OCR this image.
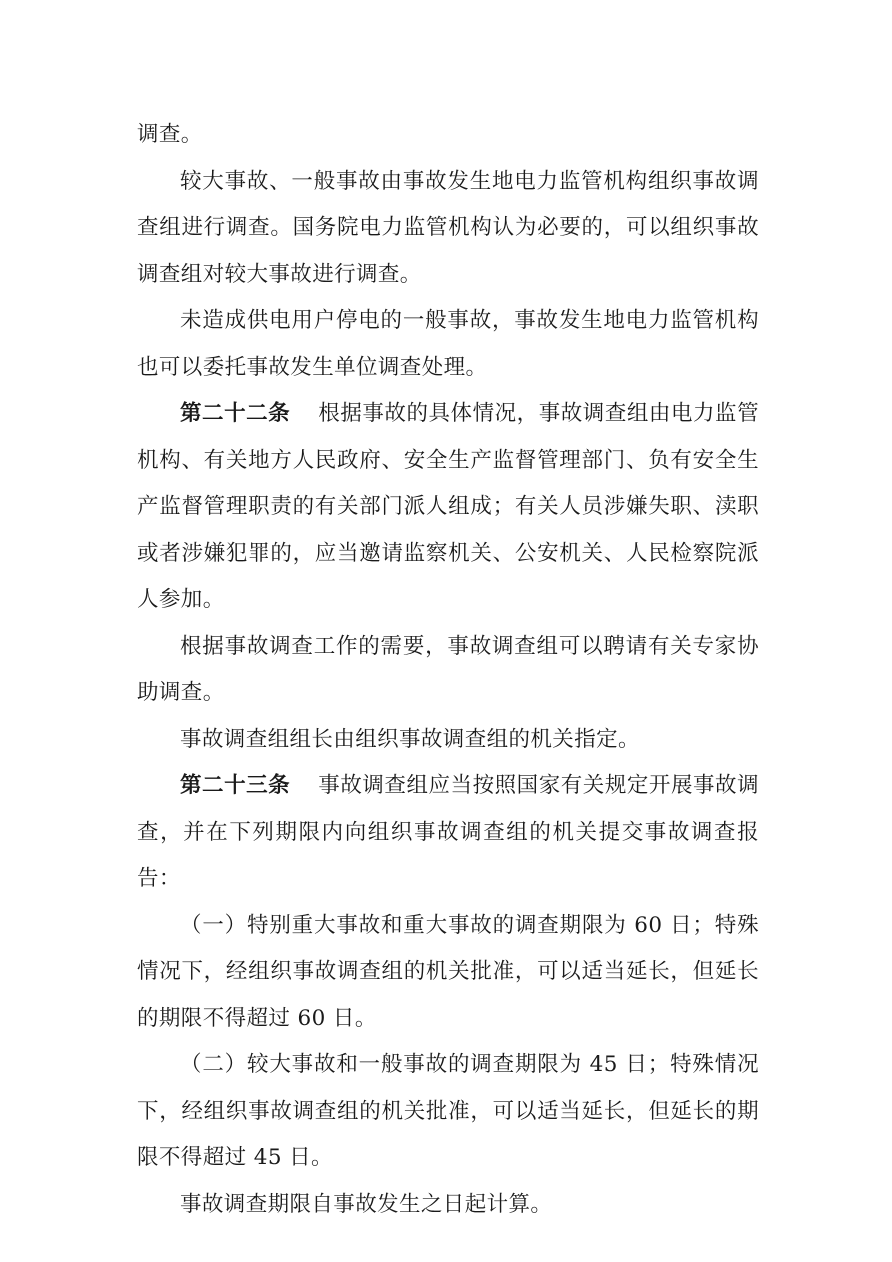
调查。

较大事故、一般事故由事故发生地电力监管机构组织事故调查组进行调查。国务院电力监管机构认为必要的，可以组织事故调查组对较大事故进行调查。

未造成供电用户停电的一般事故，事故发生地电力监管机构也可以委托事故发生单位调查处理。

第二十二条 根据事故的具体情况，事故调查组由电力监管机构、有关地方人民政府、安全生产监督管理部门、负有安全生产监督管理职责的有关部门派人组成；有关人员涉嫌失职、渎职或者涉嫌犯罪的，应当邀请监察机关、公安机关、人民检察院派人参加。

根据事故调查工作的需要，事故调查组可以聘请有关专家协助调查。

事故调查组组长由组织事故调查组的机关指定。

第二十三条 事故调查组应当按照国家有关规定开展事故调查，并在下列期限内向组织事故调查组的机关提交事故调查报告：

（一）特别重大事故和重大事故的调查期限为 60 日；特殊情况下，经组织事故调查组的机关批准，可以适当延长，但延长的期限不得超过 60 日。

（二）较大事故和一般事故的调查期限为 45 日；特殊情况下，经组织事故调查组的机关批准，可以适当延长，但延长的期限不得超过 45 日。

事故调查期限自事故发生之日起计算。
